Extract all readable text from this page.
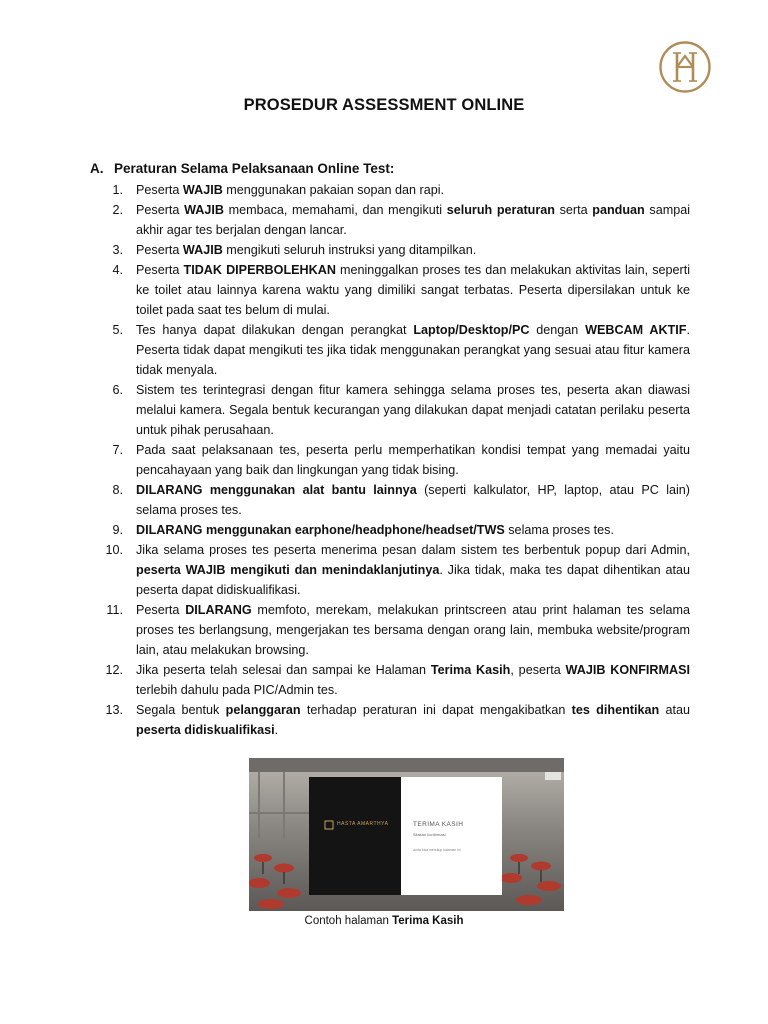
PROSEDUR ASSESSMENT ONLINE
A. Peraturan Selama Pelaksanaan Online Test:
1. Peserta WAJIB menggunakan pakaian sopan dan rapi.
2. Peserta WAJIB membaca, memahami, dan mengikuti seluruh peraturan serta panduan sampai akhir agar tes berjalan dengan lancar.
3. Peserta WAJIB mengikuti seluruh instruksi yang ditampilkan.
4. Peserta TIDAK DIPERBOLEHKAN meninggalkan proses tes dan melakukan aktivitas lain, seperti ke toilet atau lainnya karena waktu yang dimiliki sangat terbatas. Peserta dipersilakan untuk ke toilet pada saat tes belum di mulai.
5. Tes hanya dapat dilakukan dengan perangkat Laptop/Desktop/PC dengan WEBCAM AKTIF. Peserta tidak dapat mengikuti tes jika tidak menggunakan perangkat yang sesuai atau fitur kamera tidak menyala.
6. Sistem tes terintegrasi dengan fitur kamera sehingga selama proses tes, peserta akan diawasi melalui kamera. Segala bentuk kecurangan yang dilakukan dapat menjadi catatan perilaku peserta untuk pihak perusahaan.
7. Pada saat pelaksanaan tes, peserta perlu memperhatikan kondisi tempat yang memadai yaitu pencahayaan yang baik dan lingkungan yang tidak bising.
8. DILARANG menggunakan alat bantu lainnya (seperti kalkulator, HP, laptop, atau PC lain) selama proses tes.
9. DILARANG menggunakan earphone/headphone/headset/TWS selama proses tes.
10. Jika selama proses tes peserta menerima pesan dalam sistem tes berbentuk popup dari Admin, peserta WAJIB mengikuti dan menindaklanjutinya. Jika tidak, maka tes dapat dihentikan atau peserta dapat didiskualifikasi.
11. Peserta DILARANG memfoto, merekam, melakukan printscreen atau print halaman tes selama proses tes berlangsung, mengerjakan tes bersama dengan orang lain, membuka website/program lain, atau melakukan browsing.
12. Jika peserta telah selesai dan sampai ke Halaman Terima Kasih, peserta WAJIB KONFIRMASI terlebih dahulu pada PIC/Admin tes.
13. Segala bentuk pelanggaran terhadap peraturan ini dapat mengakibatkan tes dihentikan atau peserta didiskualifikasi.
HASTA AMARTHYA	TERIMA KASIH
Silakan konfirmasi
Anda bisa menutup halaman ini
Contoh halaman Terima Kasih
